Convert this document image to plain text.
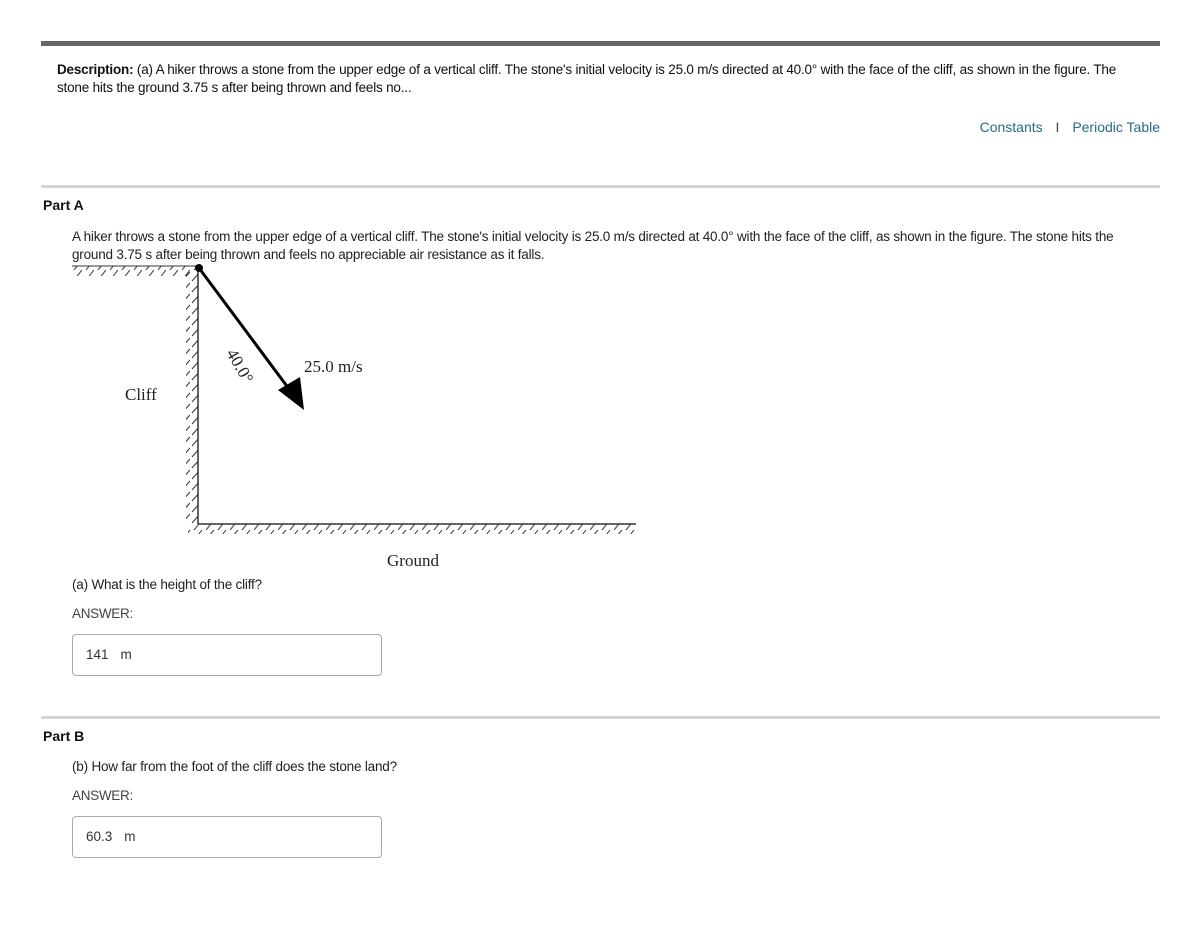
Description: (a) A hiker throws a stone from the upper edge of a vertical cliff. The stone's initial velocity is 25.0 m/s directed at 40.0° with the face of the cliff, as shown in the figure. The stone hits the ground 3.75 s after being thrown and feels no...
Constants I Periodic Table
Part A
A hiker throws a stone from the upper edge of a vertical cliff. The stone's initial velocity is 25.0 m/s directed at 40.0° with the face of the cliff, as shown in the figure. The stone hits the ground 3.75 s after being thrown and feels no appreciable air resistance as it falls.
25.0 m/s
40.0°
Cliff
Ground
(a) What is the height of the cliff?
ANSWER:
141 m
Part B
(b) How far from the foot of the cliff does the stone land?
ANSWER:
60.3 m
